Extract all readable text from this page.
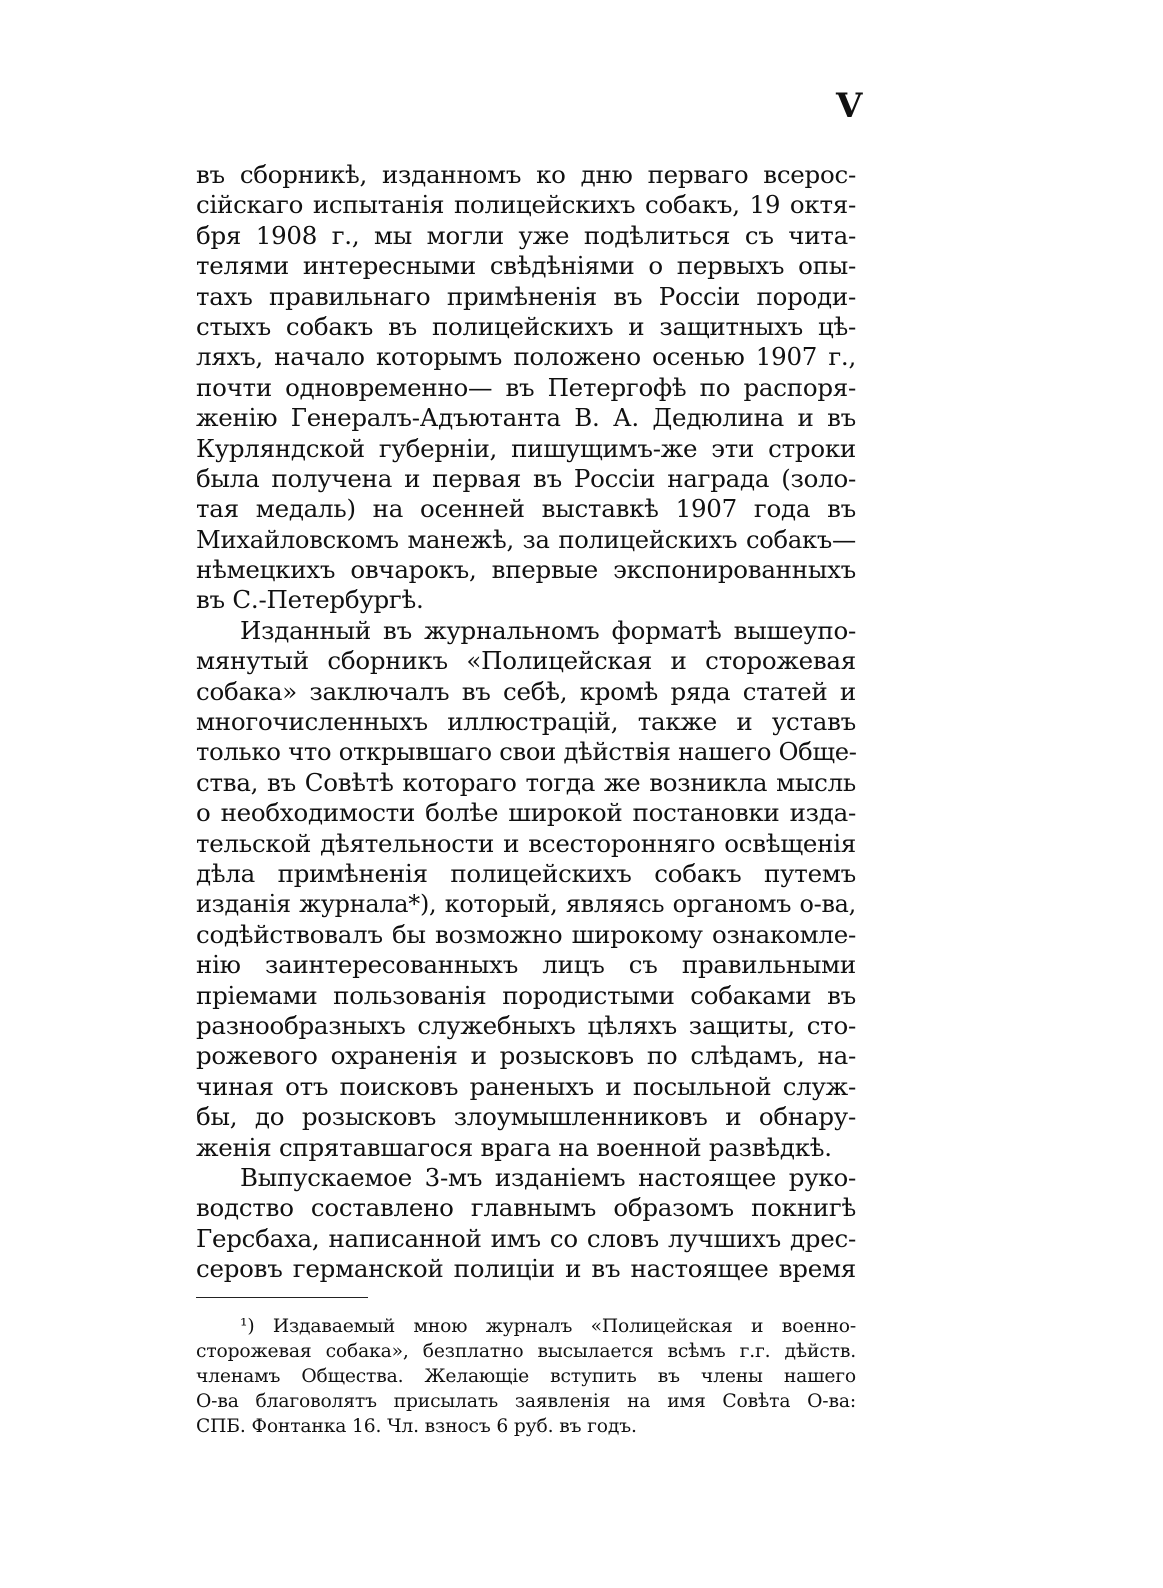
V
въ сборникѣ, изданномъ ко дню перваго всерос-
сійскаго испытанія полицейскихъ собакъ, 19 октя-
бря 1908 г., мы могли уже подѣлиться съ чита-
телями интересными свѣдѣніями о первыхъ опы-
тахъ правильнаго примѣненія въ Россіи породи-
стыхъ собакъ въ полицейскихъ и защитныхъ цѣ-
ляхъ, начало которымъ положено осенью 1907 г.,
почти одновременно— въ Петергофѣ по распоря-
женію Генералъ-Адъютанта В. А. Дедюлина и въ
Курляндской губерніи, пишущимъ-же эти строки
была получена и первая въ Россіи награда (золо-
тая медаль) на осенней выставкѣ 1907 года въ
Михайловскомъ манежѣ, за полицейскихъ собакъ—
нѣмецкихъ овчарокъ, впервые экспонированныхъ
въ С.-Петербургѣ.
Изданный въ журнальномъ форматѣ вышеупо-
мянутый сборникъ «Полицейская и сторожевая
собака» заключалъ въ себѣ, кромѣ ряда статей и
многочисленныхъ иллюстрацій, также и уставъ
только что открывшаго свои дѣйствія нашего Обще-
ства, въ Совѣтѣ котораго тогда же возникла мысль
о необходимости болѣе широкой постановки изда-
тельской дѣятельности и всесторонняго освѣщенія
дѣла примѣненія полицейскихъ собакъ путемъ
изданія журнала*), который, являясь органомъ о-ва,
содѣйствовалъ бы возможно широкому ознакомле-
нію заинтересованныхъ лицъ съ правильными
пріемами пользованія породистыми собаками въ
разнообразныхъ служебныхъ цѣляхъ защиты, сто-
рожевого охраненія и розысковъ по слѣдамъ, на-
чиная отъ поисковъ раненыхъ и посыльной служ-
бы, до розысковъ злоумышленниковъ и обнару-
женія спрятавшагося врага на военной развѣдкѣ.
Выпускаемое 3-мъ изданіемъ настоящее руко-
водство составлено главнымъ образомъ покнигѣ
Герсбаха, написанной имъ со словъ лучшихъ дрес-
серовъ германской полиціи и въ настоящее время
¹) Издаваемый мною журналъ «Полицейская и военно-
сторожевая собака», безплатно высылается всѣмъ г.г. дѣйств.
членамъ Общества. Желающіе вступить въ члены нашего
О-ва благоволятъ присылать заявленія на имя Совѣта О-ва:
СПБ. Фонтанка 16. Чл. взносъ 6 руб. въ годъ.
